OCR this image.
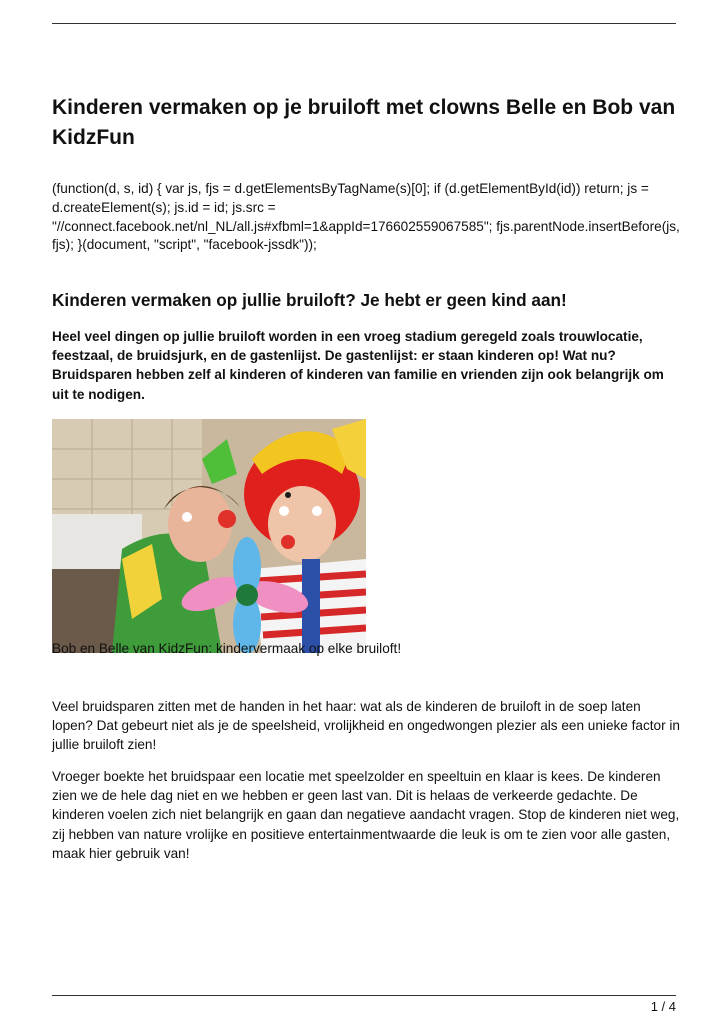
Kinderen vermaken op je bruiloft met clowns Belle en Bob van KidzFun

(function(d, s, id) { var js, fjs = d.getElementsByTagName(s)[0]; if (d.getElementById(id)) return; js = d.createElement(s); js.id = id; js.src = "//connect.facebook.net/nl_NL/all.js#xfbml=1&appId=176602559067585"; fjs.parentNode.insertBefore(js, fjs); }(document, "script", "facebook-jssdk"));

Kinderen vermaken op jullie bruiloft? Je hebt er geen kind aan!

Heel veel dingen op jullie bruiloft worden in een vroeg stadium geregeld zoals trouwlocatie, feestzaal, de bruidsjurk, en de gastenlijst. De gastenlijst: er staan kinderen op! Wat nu? Bruidsparen hebben zelf al kinderen of kinderen van familie en vrienden zijn ook belangrijk om uit te nodigen.

Bob en Belle van KidzFun: kindervermaak op elke bruiloft!

Veel bruidsparen zitten met de handen in het haar: wat als de kinderen de bruiloft in de soep laten lopen? Dat gebeurt niet als je de speelsheid, vrolijkheid en ongedwongen plezier als een unieke factor in jullie bruiloft zien!

Vroeger boekte het bruidspaar een locatie met speelzolder en speeltuin en klaar is kees. De kinderen zien we de hele dag niet en we hebben er geen last van. Dit is helaas de verkeerde gedachte. De kinderen voelen zich niet belangrijk en gaan dan negatieve aandacht vragen. Stop de kinderen niet weg, zij hebben van nature vrolijke en positieve entertainmentwaarde die leuk is om te zien voor alle gasten, maak hier gebruik van!

1 / 4
